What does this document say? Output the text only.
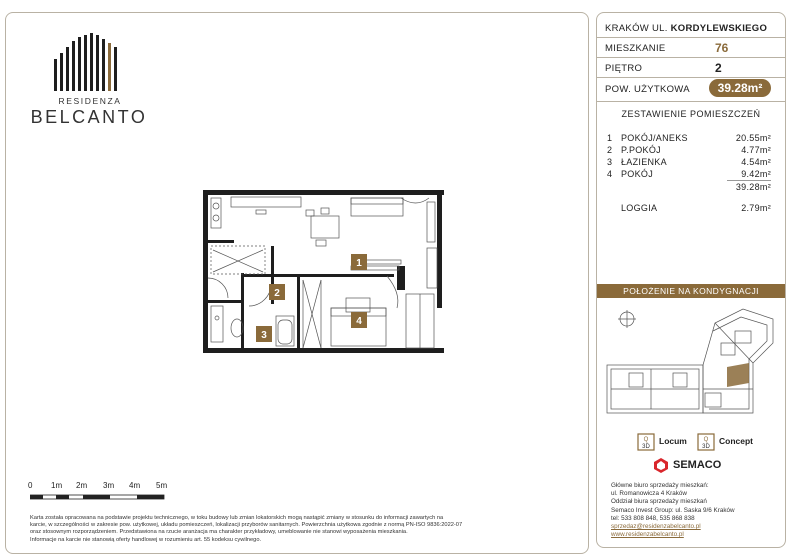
RESIDENZA
BELCANTO
1
2
3
4
0 1m 2m 3m 4m 5m
Karta została opracowana na podstawie projektu technicznego, w toku budowy lub zmian lokatorskich mogą nastąpić zmiany w stosunku do informacji zawartych na
karcie, w szczególności w zakresie pow. użytkowej, układu pomieszczeń, lokalizacji przyborów sanitarnych. Powierzchnia użytkowa zgodnie z normą PN-ISO 9836:2022-07
oraz stosownym rozporządzeniem. Przedstawiona na rzucie aranżacja ma charakter przykładowy, umeblowanie nie stanowi wyposażenia mieszkania.
Informacje na karcie nie stanowią oferty handlowej w rozumieniu art. 55 kodeksu cywilnego.
KRAKÓW UL. KORDYLEWSKIEGO
MIESZKANIE	76
PIĘTRO	2
POW. UŻYTKOWA	39.28m²
ZESTAWIENIE POMIESZCZEŃ
1 POKÓJ/ANEKS	20.55m²
2 P.POKÓJ	4.77m²
3 ŁAZIENKA	4.54m²
4 POKÓJ	9.42m²
39.28m²
LOGGIA	2.79m²
POŁOŻENIE NA KONDYGNACJI
Q
3D
Locum	Q
3D
Concept
SEMACO
Główne biuro sprzedaży mieszkań:
ul. Romanowicza 4 Kraków
Oddział biura sprzedaży mieszkań
Semaco Invest Group: ul. Saska 9/6 Kraków
tel: 533 808 848, 535 868 838
sprzedaz@residenzabelcanto.pl
www.residenzabelcanto.pl
